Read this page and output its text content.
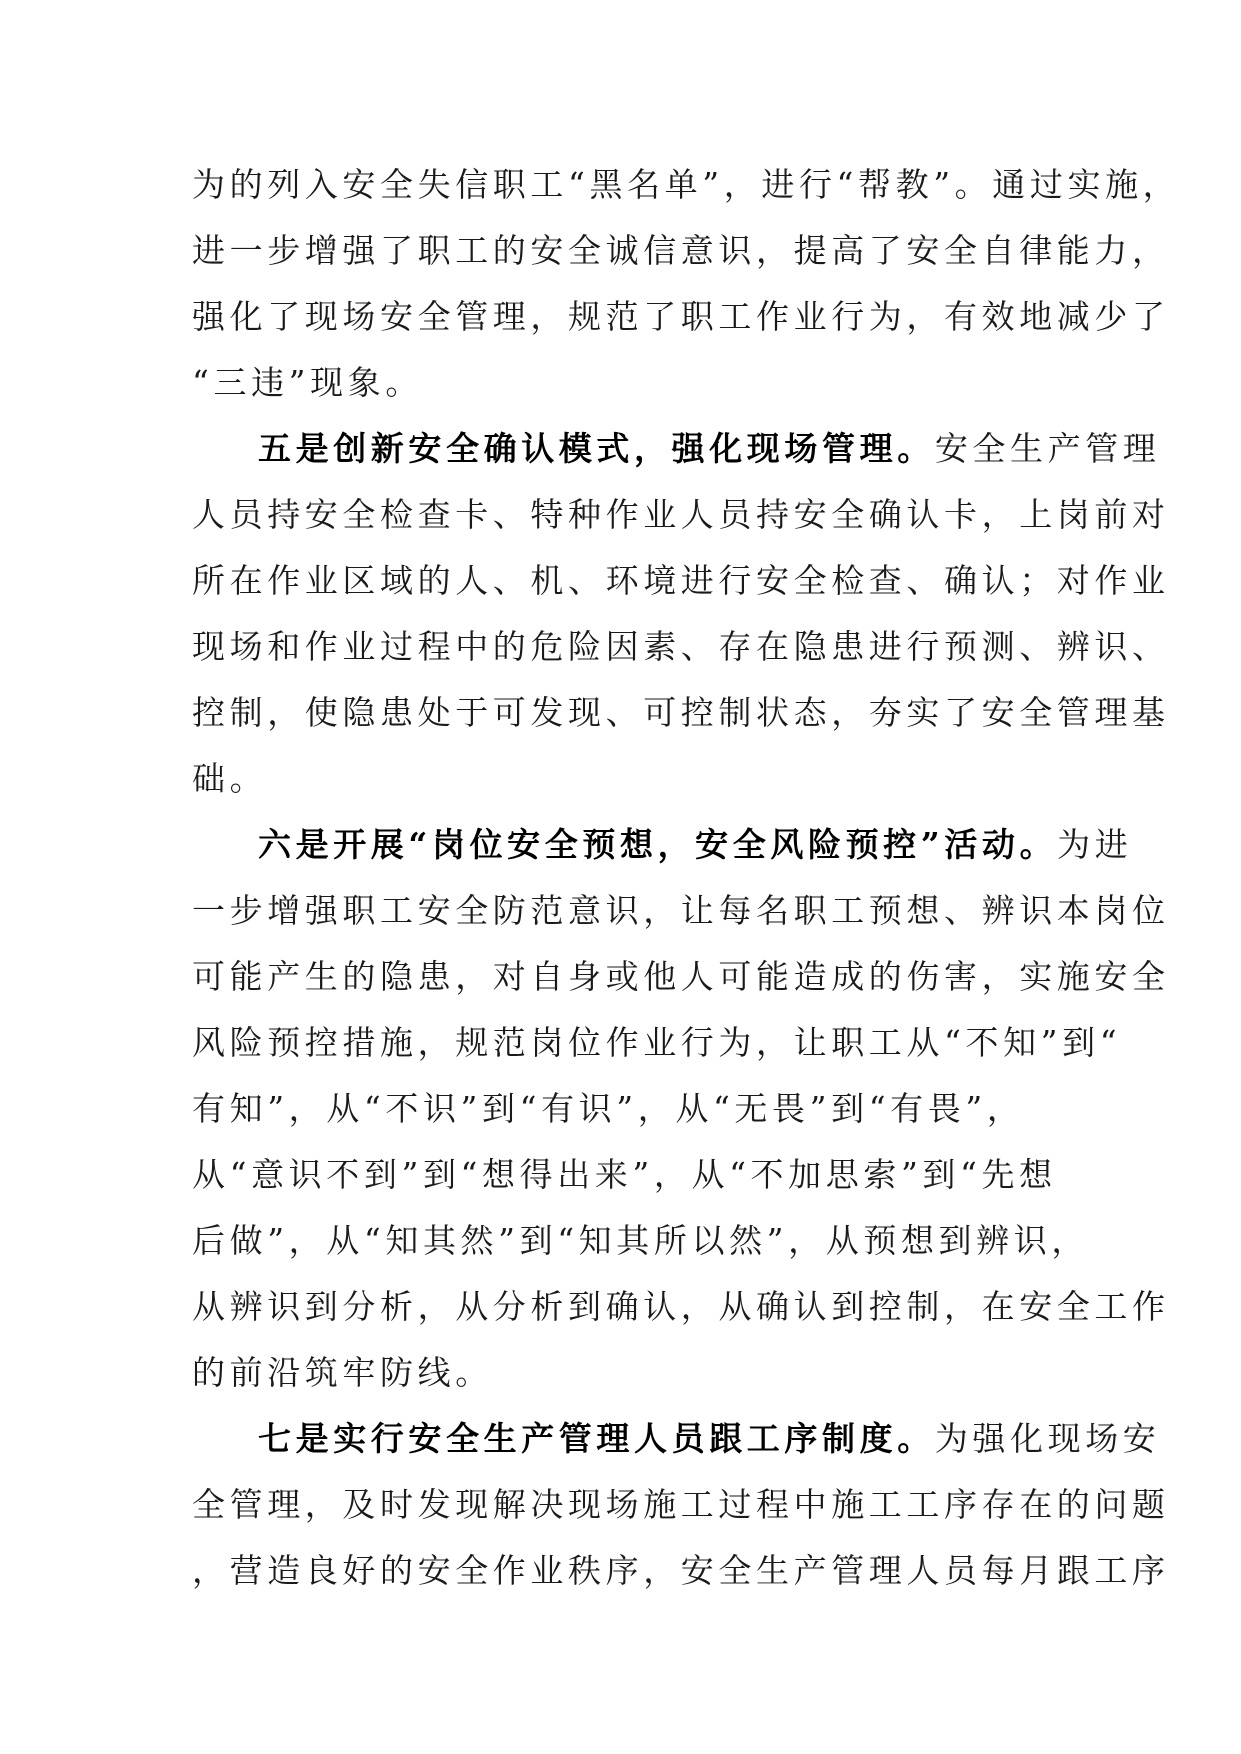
为的列入安全失信职工“黑名单”，进行“帮教”。通过实施，
进一步增强了职工的安全诚信意识，提高了安全自律能力，
强化了现场安全管理，规范了职工作业行为，有效地减少了
“三违”现象。
五是创新安全确认模式，强化现场管理。安全生产管理
人员持安全检查卡、特种作业人员持安全确认卡，上岗前对
所在作业区域的人、机、环境进行安全检查、确认；对作业
现场和作业过程中的危险因素、存在隐患进行预测、辨识、
控制，使隐患处于可发现、可控制状态，夯实了安全管理基
础。
六是开展“岗位安全预想，安全风险预控”活动。为进
一步增强职工安全防范意识，让每名职工预想、辨识本岗位
可能产生的隐患，对自身或他人可能造成的伤害，实施安全
风险预控措施，规范岗位作业行为，让职工从“不知”到“
有知”，从“不识”到“有识”，从“无畏”到“有畏”，
从“意识不到”到“想得出来”，从“不加思索”到“先想
后做”，从“知其然”到“知其所以然”，从预想到辨识，
从辨识到分析，从分析到确认，从确认到控制，在安全工作
的前沿筑牢防线。
七是实行安全生产管理人员跟工序制度。为强化现场安
全管理，及时发现解决现场施工过程中施工工序存在的问题
，营造良好的安全作业秩序，安全生产管理人员每月跟工序
